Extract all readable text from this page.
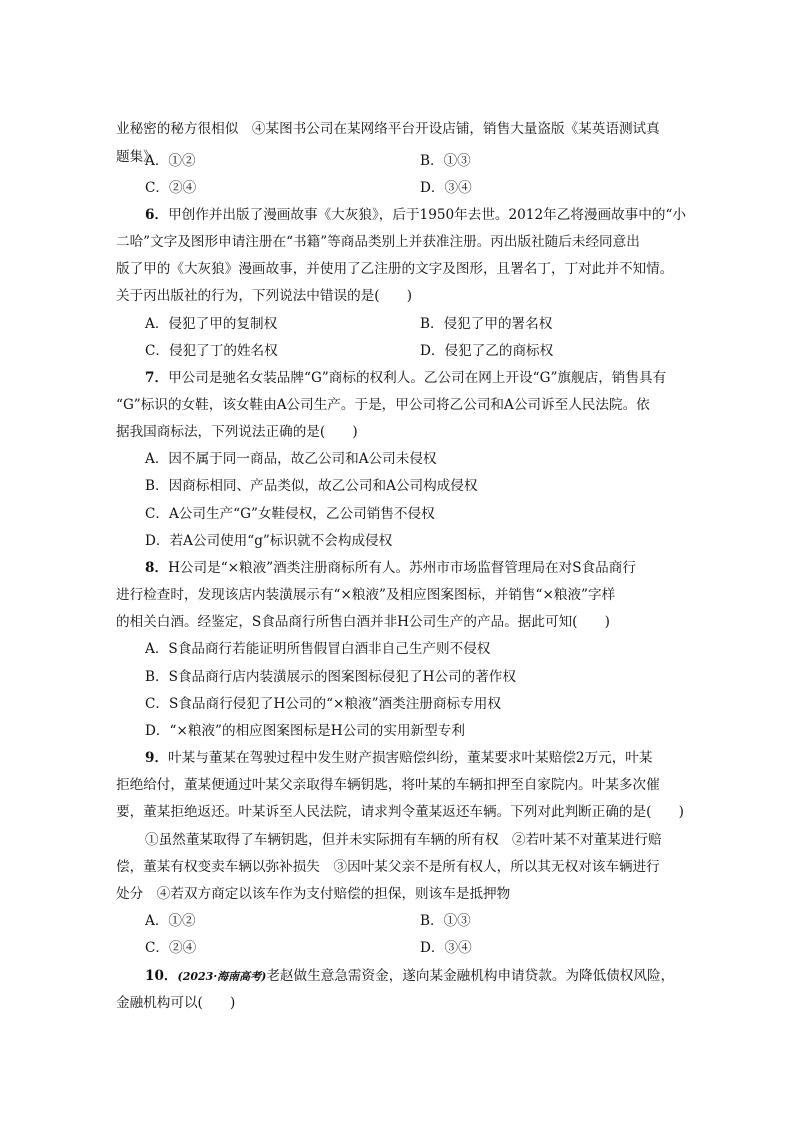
业秘密的秘方很相似　④某图书公司在某网络平台开设店铺，销售大量盗版《某英语测试真
题集》
A．①②	B．①③
C．②④	D．③④
6．甲创作并出版了漫画故事《大灰狼》，后于1950年去世。2012年乙将漫画故事中的“小
二哈”文字及图形申请注册在“书籍”等商品类别上并获准注册。丙出版社随后未经同意出
版了甲的《大灰狼》漫画故事，并使用了乙注册的文字及图形，且署名丁，丁对此并不知情。
关于丙出版社的行为，下列说法中错误的是(　　)
A．侵犯了甲的复制权	B．侵犯了甲的署名权
C．侵犯了丁的姓名权	D．侵犯了乙的商标权
7．甲公司是驰名女装品牌“G”商标的权利人。乙公司在网上开设“G”旗舰店，销售具有
“G”标识的女鞋，该女鞋由A公司生产。于是，甲公司将乙公司和A公司诉至人民法院。依
据我国商标法，下列说法正确的是(　　)
A．因不属于同一商品，故乙公司和A公司未侵权
B．因商标相同、产品类似，故乙公司和A公司构成侵权
C．A公司生产“G”女鞋侵权，乙公司销售不侵权
D．若A公司使用“g”标识就不会构成侵权
8．H公司是“×粮液”酒类注册商标所有人。苏州市市场监督管理局在对S食品商行
进行检查时，发现该店内装潢展示有“×粮液”及相应图案图标，并销售“×粮液”字样
的相关白酒。经鉴定，S食品商行所售白酒并非H公司生产的产品。据此可知(　　)
A．S食品商行若能证明所售假冒白酒非自己生产则不侵权
B．S食品商行店内装潢展示的图案图标侵犯了H公司的著作权
C．S食品商行侵犯了H公司的“×粮液”酒类注册商标专用权
D．“×粮液”的相应图案图标是H公司的实用新型专利
9．叶某与董某在驾驶过程中发生财产损害赔偿纠纷，董某要求叶某赔偿2万元，叶某
拒绝给付，董某便通过叶某父亲取得车辆钥匙，将叶某的车辆扣押至自家院内。叶某多次催
要，董某拒绝返还。叶某诉至人民法院，请求判令董某返还车辆。下列对此判断正确的是(　　)
①虽然董某取得了车辆钥匙，但并未实际拥有车辆的所有权　②若叶某不对董某进行赔
偿，董某有权变卖车辆以弥补损失　③因叶某父亲不是所有权人，所以其无权对该车辆进行
处分　④若双方商定以该车作为支付赔偿的担保，则该车是抵押物
A．①②	B．①③
C．②④	D．③④
10．(2023·海南高考)老赵做生意急需资金，遂向某金融机构申请贷款。为降低债权风险，
金融机构可以(　　)
